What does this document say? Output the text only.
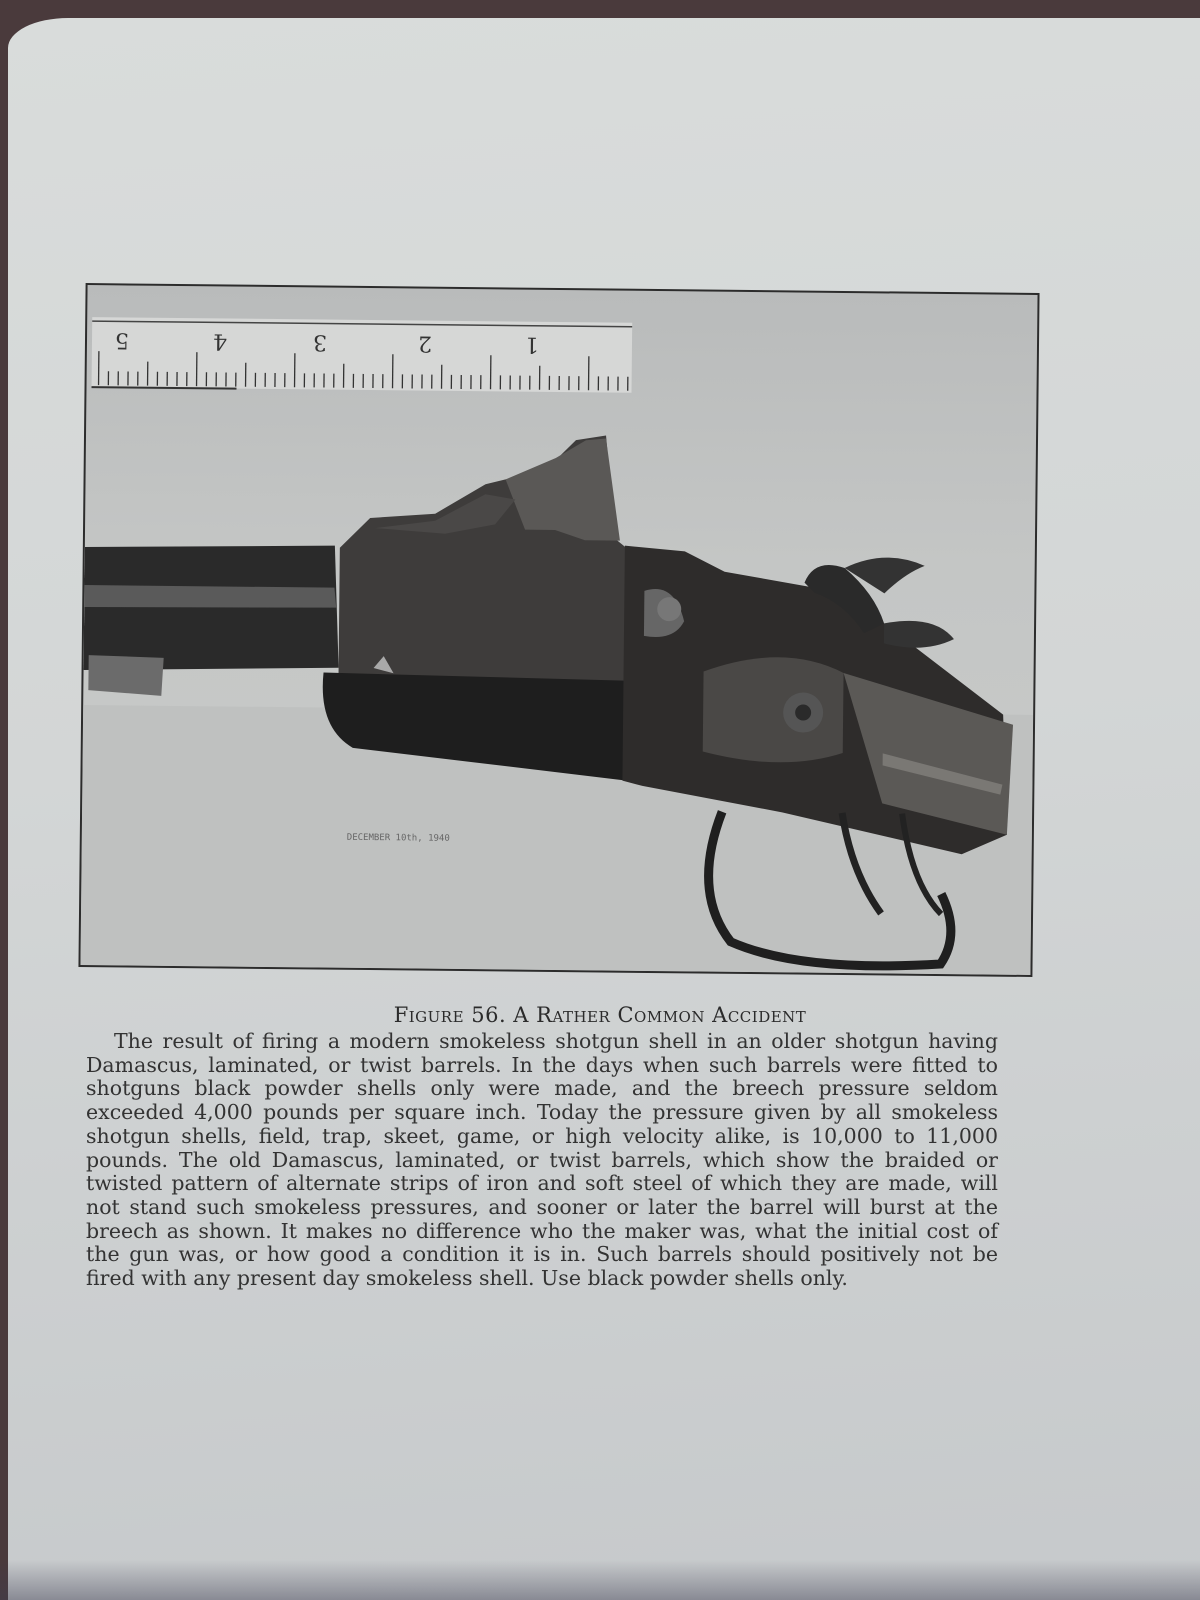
5	4	3	2	1
DECEMBER 10th, 1940
Figure 56. A Rather Common Accident

The result of firing a modern smokeless shotgun shell in an older shotgun having Damascus, laminated, or twist barrels. In the days when such barrels were fitted to shotguns black powder shells only were made, and the breech pressure seldom exceeded 4,000 pounds per square inch. Today the pressure given by all smokeless shotgun shells, field, trap, skeet, game, or high velocity alike, is 10,000 to 11,000 pounds. The old Damascus, laminated, or twist barrels, which show the braided or twisted pattern of alternate strips of iron and soft steel of which they are made, will not stand such smokeless pressures, and sooner or later the barrel will burst at the breech as shown. It makes no difference who the maker was, what the initial cost of the gun was, or how good a condition it is in. Such barrels should positively not be fired with any present day smokeless shell. Use black powder shells only.
